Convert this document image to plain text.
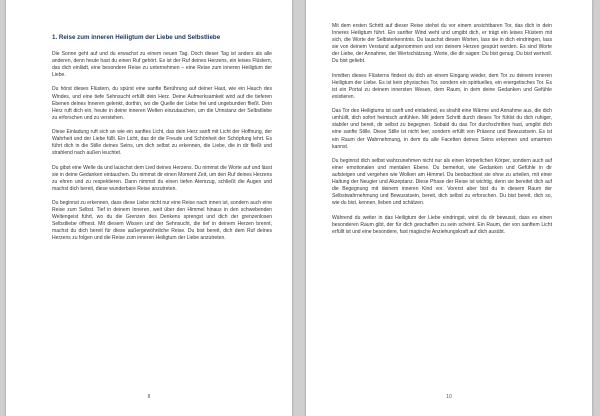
1. Reise zum inneren Heiligtum der Liebe und Selbstliebe

Die Sonne geht auf und du erwachst zu einem neuen Tag. Doch dieser Tag ist anders als alle anderen, denn heute hast du einen Ruf gehört. Es ist der Ruf deines Herzens, ein leises Flüstern, das dich einlädt, eine besondere Reise zu unternehmen – eine Reise zum inneren Heiligtum der Liebe.

Du hörst dieses Flüstern, du spürst eine sanfte Berührung auf deiner Haut, wie ein Hauch des Windes, und eine tiefe Sehnsucht erfüllt dein Herz. Deine Aufmerksamkeit wird auf die tieferen Ebenen deines Inneren gelenkt, dorthin, wo die Quelle der Liebe frei und ungebunden fließt. Dein Herz ruft dich ein, heute in deine inneren Welten einzutauchen, um die Urinstanz der Selbstliebe zu erforschen und zu verstehen.

Diese Einladung ruft sich an wie ein sanftes Licht, das dein Herz sanft mit Licht der Hoffnung, der Wahrheit und der Liebe füllt. Ein Licht, das dir die Freude und Schönheit der Schöpfung lehrt. Es führt dich in die Stille deines Seins, um dich selbst zu erkennen, die Liebe, die in dir fließt und strahlend nach außen leuchtet.

Du gibst eine Welle da und lauschst dem Lied deines Herzens. Du nimmst die Worte auf und lässt sie in deine Gedanken eintauchen. Du nimmst dir einen Moment Zeit, um den Ruf deines Herzens zu ehren und zu respektieren. Dann nimmst du einen tiefen Atemzug, schließt die Augen und machst dich bereit, diese wunderbare Reise anzutreten.

Du beginnst zu erkennen, dass diese Liebe nicht nur eine Reise nach innen ist, sondern auch eine Reise zum Selbst. Tief in deinem Inneren, weit über den Himmel hinaus in den schwebenden Weltengeist führt, wo du die Grenzen des Denkens sprengst und dich der grenzenlosen Selbstliebe öffnest. Mit diesem Wissen und der Sehnsucht, die tief in deinem Herzen brennt, machst du dich bereit für diese außergewöhnliche Reise. Du bist bereit, dich dem Ruf deines Herzens zu folgen und die Reise zum inneren Heiligtum der Liebe anzutreten.

8

Mit dem ersten Schritt auf dieser Reise stehst du vor einem unsichtbaren Tor, das dich in dein Inneres Heiligtum führt. Ein sanfter Wind weht und umgibt dich, er trägt ein leises Flüstern mit sich, die Worte der Selbsterkenntnis. Du lauschst diesen Worten, lass sie in dich eindringen, lass sie von deinem Verstand aufgenommen und von deinem Herzen gespürt werden. Es sind Worte der Liebe, der Annahme, der Wertschätzung. Worte, die dir sagen: Du bist genug. Du bist wertvoll. Du bist geliebt.

Inmitten dieses Flüsterns findest du dich an einem Eingang wieder, dem Tor zu deinem inneren Heiligtum der Liebe. Es ist kein physisches Tor, sondern ein spirituelles, ein energetisches Tor. Es ist ein Portal zu deinem innersten Wesen, dem Raum, in dem deine Gedanken und Gefühle existieren.

Das Tor des Heiligtums ist sanft und einladend, es strahlt eine Wärme und Annahme aus, die dich umhüllt, dich sofort heimisch anfühlen. Mit jedem Schritt durch dieses Tor fühlst du dich ruhiger, stabiler und bereit, dir selbst zu begegnen. Sobald du das Tor durchschritten hast, umgibt dich eine sanfte Stille. Diese Stille ist nicht leer, sondern erfüllt von Präsenz und Bewusstsein. Es ist ein Raum der Wahrnehmung, in dem du alle Facetten deines Seins erkennen und umarmen kannst.

Du beginnst dich selbst wahrzunehmen nicht nur als einen körperlichen Körper, sondern auch auf einer emotionalen und mentalen Ebene. Du bemerkst, wie Gedanken und Gefühle in dir aufsteigen und vergehen wie Wolken am Himmel. Du beobachtest sie ohne zu urteilen, mit einer Haltung der Neugier und Akzeptanz. Diese Phase der Reise ist wichtig, denn sie bereitet dich auf die Begegnung mit deinem inneren Kind vor. Vorerst aber bist du in diesem Raum der Selbstwahrnehmung und Bewusstsein, bereit, dich selbst zu erforschen. Du bist bereit, dich so, wie du bist, kennen, lieben und schätzen.

Während du weiter in das Heiligtum der Liebe eindringst, wirst du dir bewusst, dass es einen besonderen Raum gibt, der für dich geschaffen zu sein scheint. Ein Raum, der von sanftem Licht erfüllt ist und eine besondere, fast magische Anziehungskraft auf dich ausübt.

10
